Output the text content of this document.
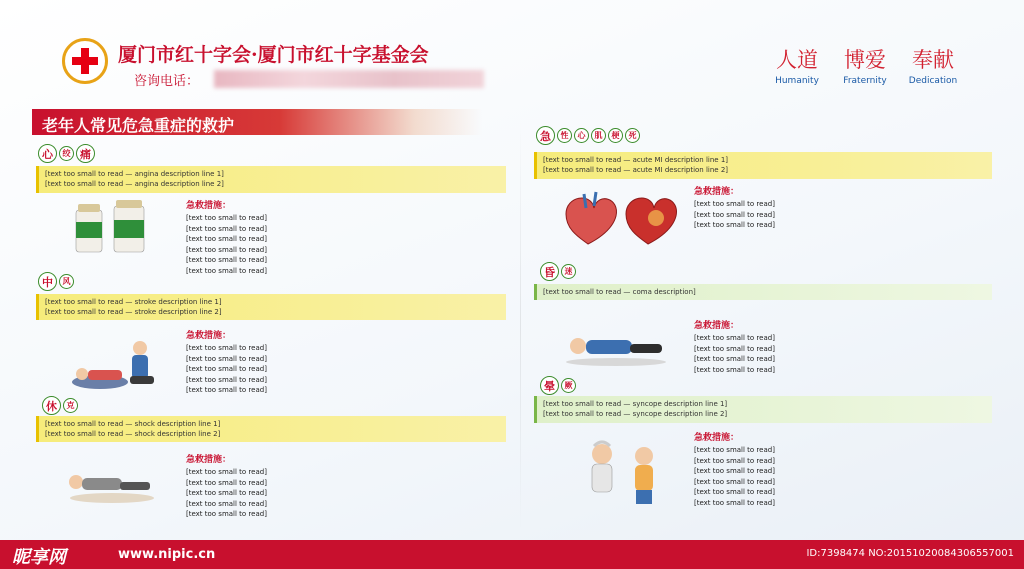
厦门市红十字会·厦门市红十字基金会
咨询电话：
人道
Humanity
博爱
Fraternity
奉献
Dedication
老年人常见危急重症的救护
心	绞 痛
[text too small to read — angina description line 1]
[text too small to read — angina description line 2]
急救措施：
[text too small to read]
[text too small to read]
[text too small to read]
[text too small to read]
[text too small to read]
[text too small to read]
中	风
[text too small to read — stroke description line 1]
[text too small to read — stroke description line 2]
急救措施：
[text too small to read]
[text too small to read]
[text too small to read]
[text too small to read]
[text too small to read]
休	克
[text too small to read — shock description line 1]
[text too small to read — shock description line 2]
急救措施：
[text too small to read]
[text too small to read]
[text too small to read]
[text too small to read]
[text too small to read]
急	性	心	肌	梗	死
[text too small to read — acute MI description line 1]
[text too small to read — acute MI description line 2]
急救措施：
[text too small to read]
[text too small to read]
[text too small to read]
昏	迷
[text too small to read — coma description]
急救措施：
[text too small to read]
[text too small to read]
[text too small to read]
[text too small to read]
晕	厥
[text too small to read — syncope description line 1]
[text too small to read — syncope description line 2]
急救措施：
[text too small to read]
[text too small to read]
[text too small to read]
[text too small to read]
[text too small to read]
[text too small to read]
昵享网	www.nipic.cn	ID:7398474 NO:20151020084306557001
